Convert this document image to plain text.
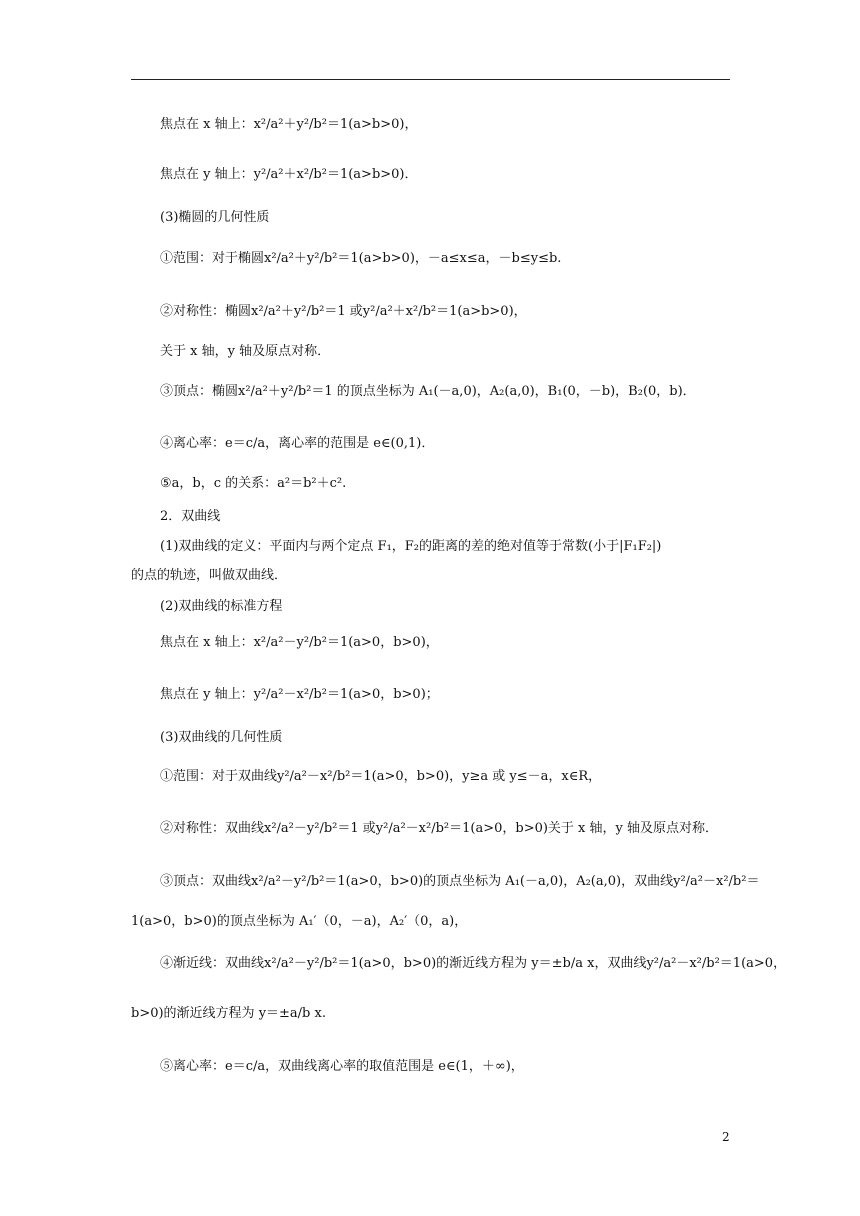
焦点在 x 轴上：x²/a²＋y²/b²＝1(a>b>0)，
焦点在 y 轴上：y²/a²＋x²/b²＝1(a>b>0)．
(3)椭圆的几何性质
①范围：对于椭圆x²/a²＋y²/b²＝1(a>b>0)，－a≤x≤a，－b≤y≤b.
②对称性：椭圆x²/a²＋y²/b²＝1 或y²/a²＋x²/b²＝1(a>b>0)，
关于 x 轴，y 轴及原点对称．
③顶点：椭圆x²/a²＋y²/b²＝1 的顶点坐标为 A₁(－a,0)，A₂(a,0)，B₁(0，－b)，B₂(0，b)．
④离心率：e＝c/a，离心率的范围是 e∈(0,1)．
⑤a，b，c 的关系：a²＝b²＋c².
2．双曲线
(1)双曲线的定义：平面内与两个定点 F₁，F₂的距离的差的绝对值等于常数(小于|F₁F₂|)
的点的轨迹，叫做双曲线．
(2)双曲线的标准方程
焦点在 x 轴上：x²/a²－y²/b²＝1(a>0，b>0)，
焦点在 y 轴上：y²/a²－x²/b²＝1(a>0，b>0)；
(3)双曲线的几何性质
①范围：对于双曲线y²/a²－x²/b²＝1(a>0，b>0)，y≥a 或 y≤－a，x∈R，
②对称性：双曲线x²/a²－y²/b²＝1 或y²/a²－x²/b²＝1(a>0，b>0)关于 x 轴，y 轴及原点对称．
③顶点：双曲线x²/a²－y²/b²＝1(a>0，b>0)的顶点坐标为 A₁(－a,0)，A₂(a,0)，双曲线y²/a²－x²/b²＝
1(a>0，b>0)的顶点坐标为 A₁′（0，－a)，A₂′（0，a)，
④渐近线：双曲线x²/a²－y²/b²＝1(a>0，b>0)的渐近线方程为 y＝±b/a x，双曲线y²/a²－x²/b²＝1(a>0，
b>0)的渐近线方程为 y＝±a/b x.
⑤离心率：e＝c/a，双曲线离心率的取值范围是 e∈(1，＋∞)，
2
